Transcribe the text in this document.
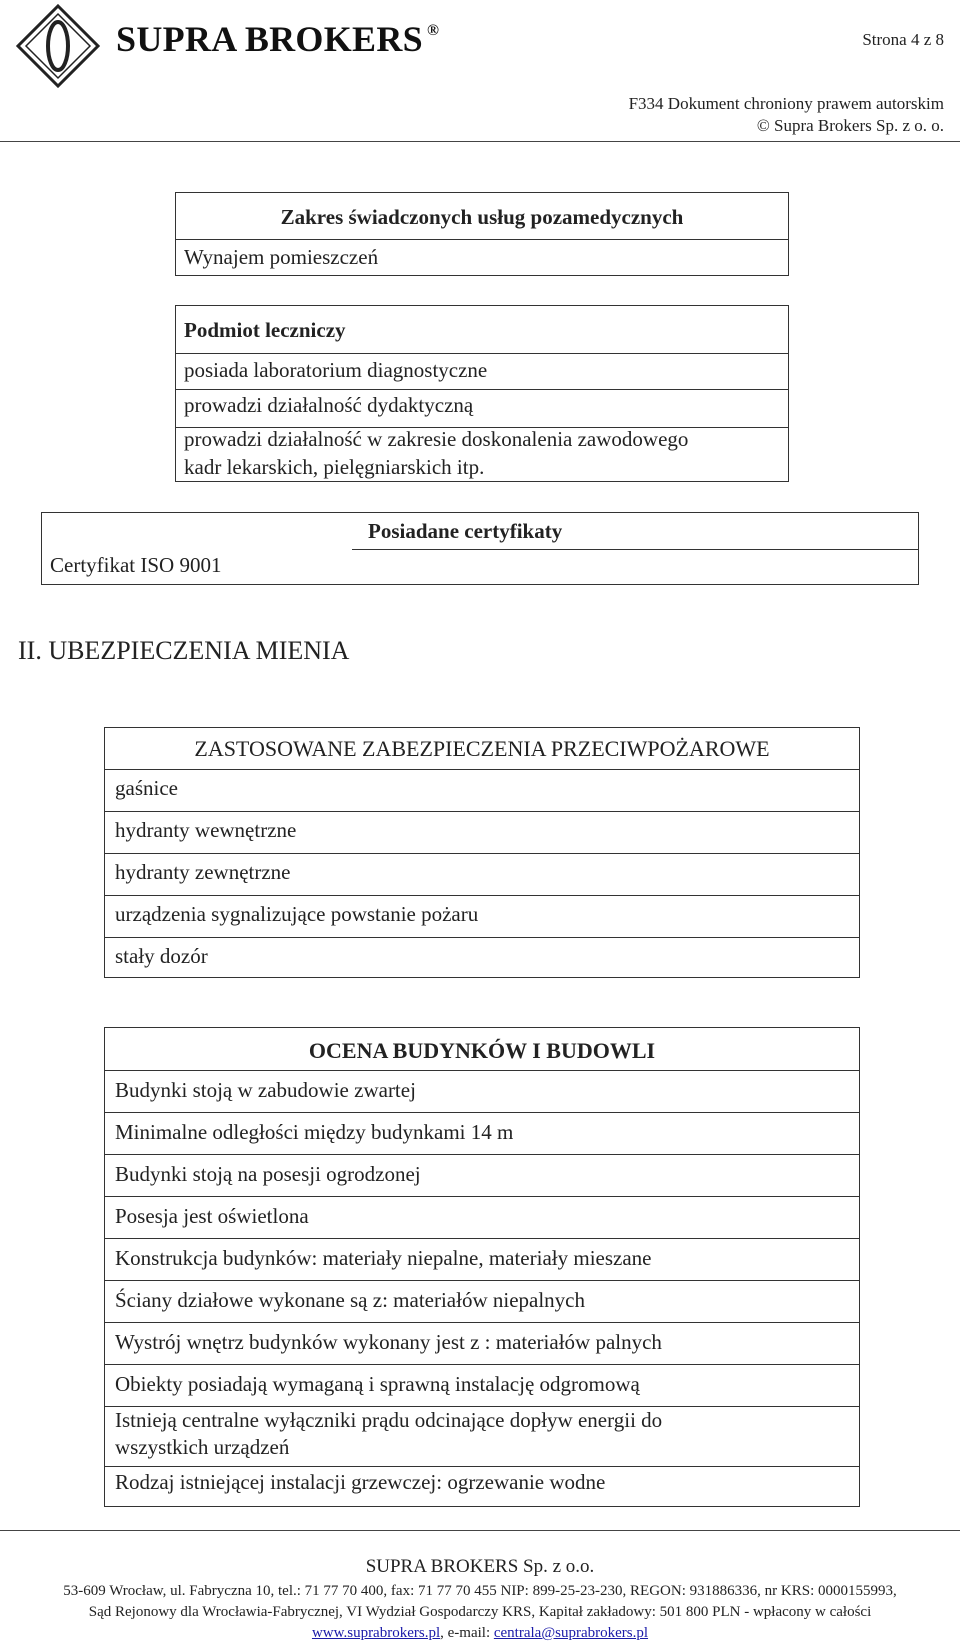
SUPRA BROKERS ®	Strona 4 z 8
F334 Dokument chroniony prawem autorskim
© Supra Brokers Sp. z o. o.
Zakres świadczonych usług pozamedycznych
Wynajem pomieszczeń
Podmiot leczniczy
posiada laboratorium diagnostyczne
prowadzi działalność dydaktyczną
prowadzi działalność w zakresie doskonalenia zawodowego
kadr lekarskich, pielęgniarskich itp.
Posiadane certyfikaty
Certyfikat ISO 9001
II. UBEZPIECZENIA MIENIA
ZASTOSOWANE ZABEZPIECZENIA PRZECIWPOŻAROWE
gaśnice
hydranty wewnętrzne
hydranty zewnętrzne
urządzenia sygnalizujące powstanie pożaru
stały dozór
OCENA BUDYNKÓW I BUDOWLI
Budynki stoją w zabudowie zwartej
Minimalne odległości między budynkami 14 m
Budynki stoją na posesji ogrodzonej
Posesja jest oświetlona
Konstrukcja budynków: materiały niepalne, materiały mieszane
Ściany działowe wykonane są z: materiałów niepalnych
Wystrój wnętrz budynków wykonany jest z : materiałów palnych
Obiekty posiadają wymaganą i sprawną instalację odgromową
Istnieją centralne wyłączniki prądu odcinające dopływ energii do
wszystkich urządzeń
Rodzaj istniejącej instalacji grzewczej: ogrzewanie wodne
SUPRA BROKERS Sp. z o.o.
53-609 Wrocław, ul. Fabryczna 10, tel.: 71 77 70 400, fax: 71 77 70 455 NIP: 899-25-23-230, REGON: 931886336, nr KRS: 0000155993,
Sąd Rejonowy dla Wrocławia-Fabrycznej, VI Wydział Gospodarczy KRS, Kapitał zakładowy: 501 800 PLN - wpłacony w całości
www.suprabrokers.pl, e-mail: centrala@suprabrokers.pl
